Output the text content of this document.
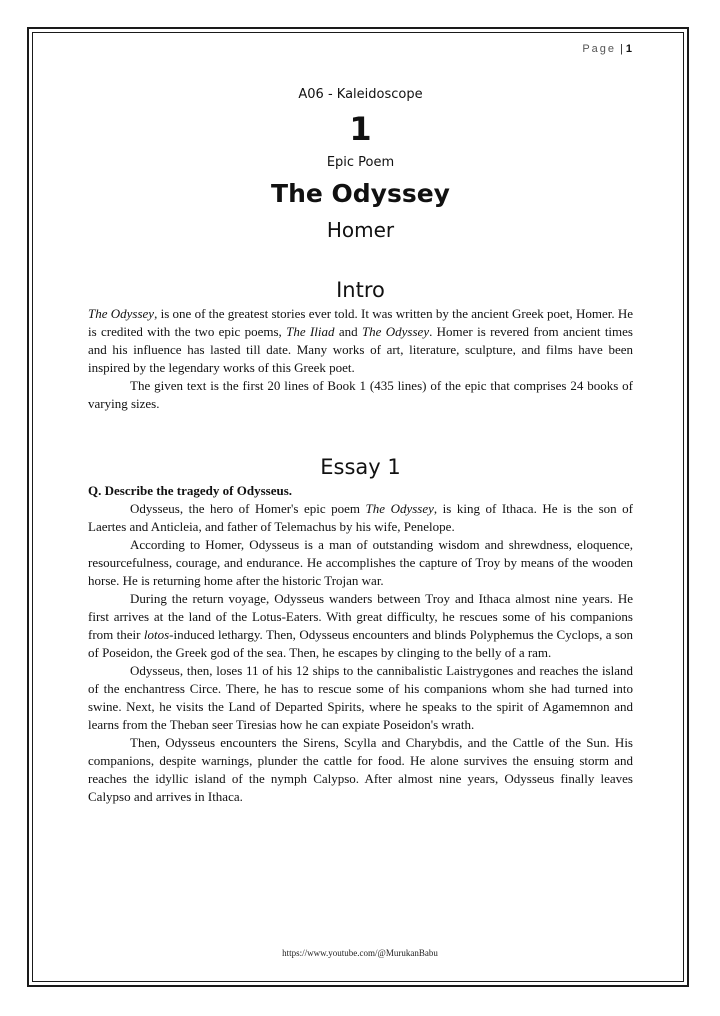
Page | 1
A06 - Kaleidoscope
1
Epic Poem
The Odyssey
Homer
Intro

The Odyssey, is one of the greatest stories ever told. It was written by the ancient Greek poet, Homer. He is credited with the two epic poems, The Iliad and The Odyssey. Homer is revered from ancient times and his influence has lasted till date. Many works of art, literature, sculpture, and films have been inspired by the legendary works of this Greek poet.

The given text is the first 20 lines of Book 1 (435 lines) of the epic that comprises 24 books of varying sizes.

Essay 1
Q. Describe the tragedy of Odysseus.

Odysseus, the hero of Homer's epic poem The Odyssey, is king of Ithaca. He is the son of Laertes and Anticleia, and father of Telemachus by his wife, Penelope.

According to Homer, Odysseus is a man of outstanding wisdom and shrewdness, eloquence, resourcefulness, courage, and endurance. He accomplishes the capture of Troy by means of the wooden horse. He is returning home after the historic Trojan war.

During the return voyage, Odysseus wanders between Troy and Ithaca almost nine years. He first arrives at the land of the Lotus-Eaters. With great difficulty, he rescues some of his companions from their lotos-induced lethargy. Then, Odysseus encounters and blinds Polyphemus the Cyclops, a son of Poseidon, the Greek god of the sea. Then, he escapes by clinging to the belly of a ram.

Odysseus, then, loses 11 of his 12 ships to the cannibalistic Laistrygones and reaches the island of the enchantress Circe. There, he has to rescue some of his companions whom she had turned into swine. Next, he visits the Land of Departed Spirits, where he speaks to the spirit of Agamemnon and learns from the Theban seer Tiresias how he can expiate Poseidon's wrath.

Then, Odysseus encounters the Sirens, Scylla and Charybdis, and the Cattle of the Sun. His companions, despite warnings, plunder the cattle for food. He alone survives the ensuing storm and reaches the idyllic island of the nymph Calypso. After almost nine years, Odysseus finally leaves Calypso and arrives in Ithaca.

https://www.youtube.com/@MurukanBabu
